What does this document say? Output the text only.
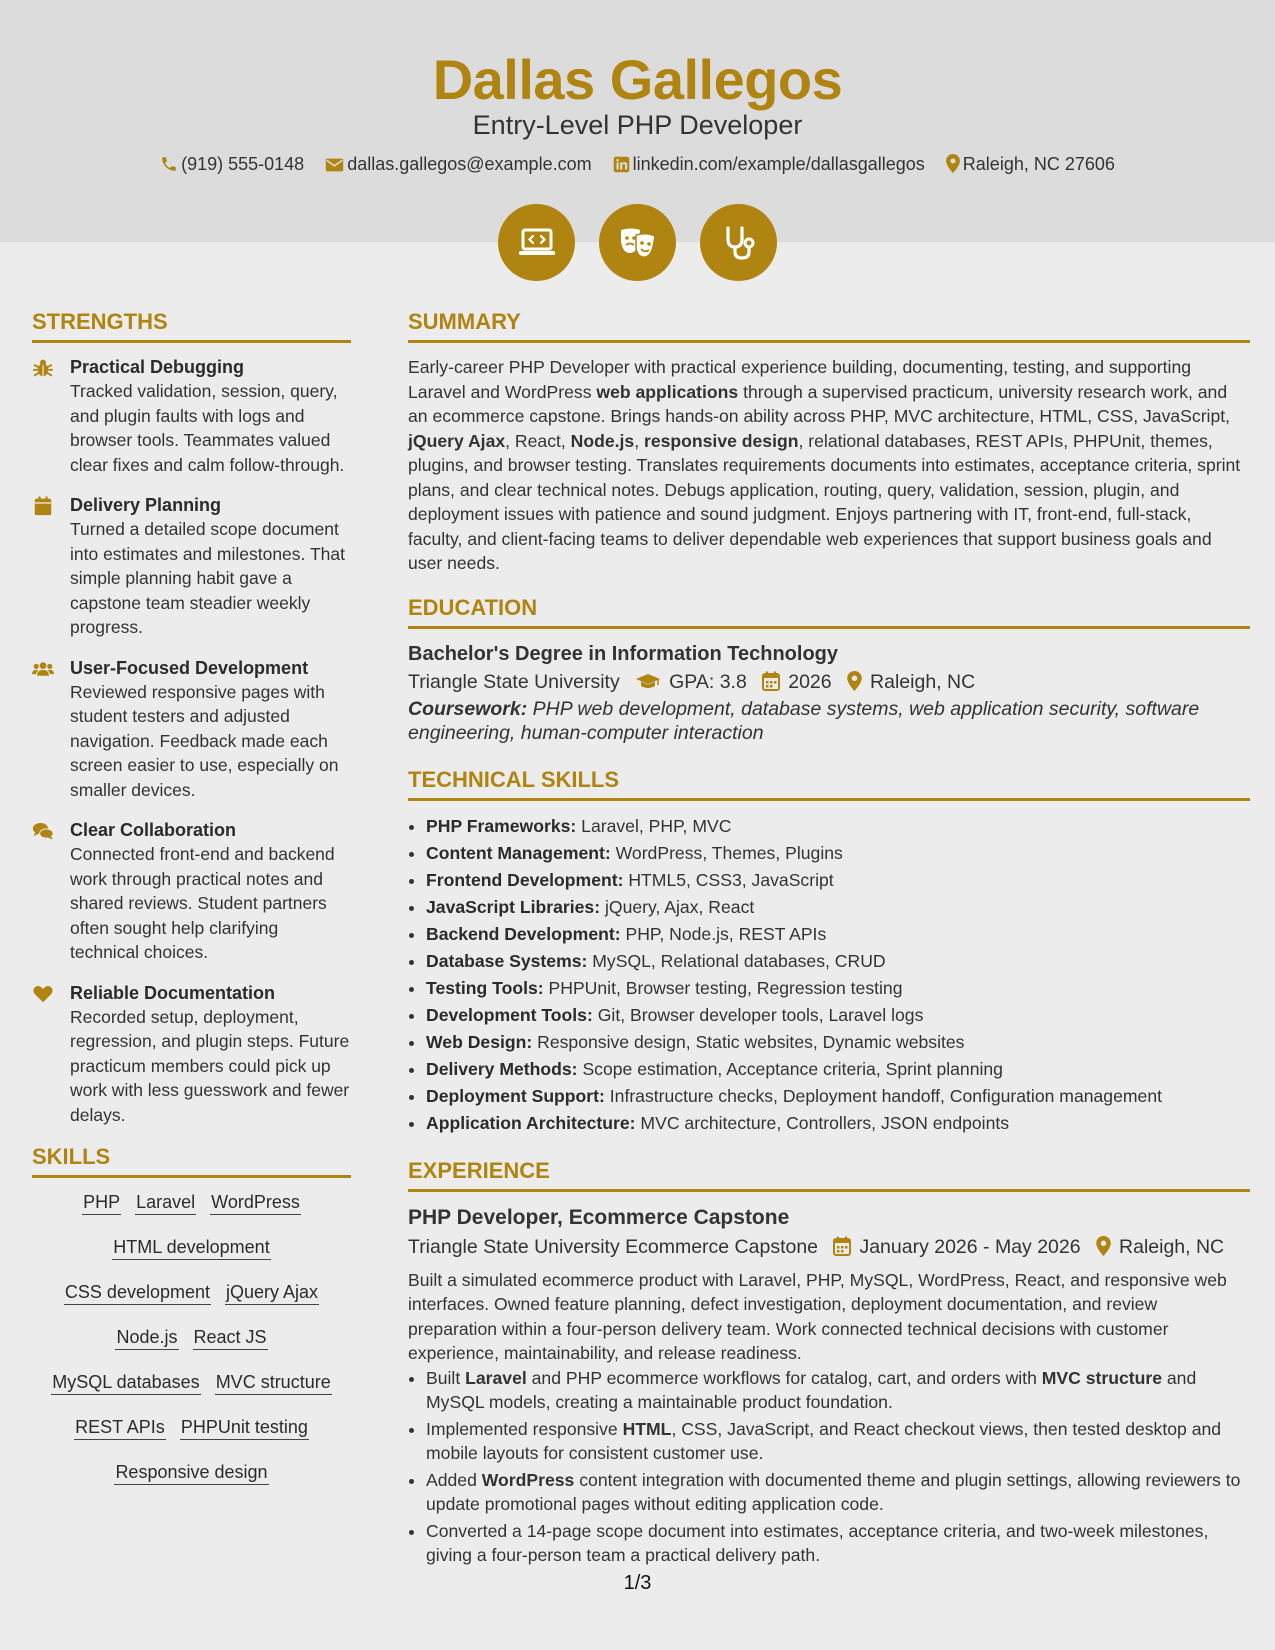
Dallas Gallegos
Entry-Level PHP Developer
(919) 555-0148 dallas.gallegos@example.com linkedin.com/example/dallasgallegos Raleigh, NC 27606

STRENGTHS
Practical Debugging
Tracked validation, session, query, and plugin faults with logs and browser tools. Teammates valued clear fixes and calm follow-through.
Delivery Planning
Turned a detailed scope document into estimates and milestones. That simple planning habit gave a capstone team steadier weekly progress.
User-Focused Development
Reviewed responsive pages with student testers and adjusted navigation. Feedback made each screen easier to use, especially on smaller devices.
Clear Collaboration
Connected front-end and backend work through practical notes and shared reviews. Student partners often sought help clarifying technical choices.
Reliable Documentation
Recorded setup, deployment, regression, and plugin steps. Future practicum members could pick up work with less guesswork and fewer delays.
SKILLS
PHP Laravel WordPress
HTML development
CSS development jQuery Ajax
Node.js React JS
MySQL databases MVC structure
REST APIs PHPUnit testing
Responsive design
SUMMARY

Early-career PHP Developer with practical experience building, documenting, testing, and supporting Laravel and WordPress web applications through a supervised practicum, university research work, and an ecommerce capstone. Brings hands-on ability across PHP, MVC architecture, HTML, CSS, JavaScript, jQuery Ajax, React, Node.js, responsive design, relational databases, REST APIs, PHPUnit, themes, plugins, and browser testing. Translates requirements documents into estimates, acceptance criteria, sprint plans, and clear technical notes. Debugs application, routing, query, validation, session, plugin, and deployment issues with patience and sound judgment. Enjoys partnering with IT, front-end, full-stack, faculty, and client-facing teams to deliver dependable web experiences that support business goals and user needs.

EDUCATION
Bachelor's Degree in Information Technology
Triangle State University	GPA: 3.8 2026 Raleigh, NC
Coursework: PHP web development, database systems, web application security, software engineering, human-computer interaction
TECHNICAL SKILLS
• PHP Frameworks: Laravel, PHP, MVC
• Content Management: WordPress, Themes, Plugins
• Frontend Development: HTML5, CSS3, JavaScript
• JavaScript Libraries: jQuery, Ajax, React
• Backend Development: PHP, Node.js, REST APIs
• Database Systems: MySQL, Relational databases, CRUD
• Testing Tools: PHPUnit, Browser testing, Regression testing
• Development Tools: Git, Browser developer tools, Laravel logs
• Web Design: Responsive design, Static websites, Dynamic websites
• Delivery Methods: Scope estimation, Acceptance criteria, Sprint planning
• Deployment Support: Infrastructure checks, Deployment handoff, Configuration management
• Application Architecture: MVC architecture, Controllers, JSON endpoints
EXPERIENCE
PHP Developer, Ecommerce Capstone
Triangle State University Ecommerce Capstone January 2026 - May 2026 Raleigh, NC

Built a simulated ecommerce product with Laravel, PHP, MySQL, WordPress, React, and responsive web interfaces. Owned feature planning, defect investigation, deployment documentation, and review preparation within a four-person delivery team. Work connected technical decisions with customer experience, maintainability, and release readiness.

• Built Laravel and PHP ecommerce workflows for catalog, cart, and orders with MVC structure and MySQL models, creating a maintainable product foundation.
• Implemented responsive HTML, CSS, JavaScript, and React checkout views, then tested desktop and mobile layouts for consistent customer use.
• Added WordPress content integration with documented theme and plugin settings, allowing reviewers to update promotional pages without editing application code.
• Converted a 14-page scope document into estimates, acceptance criteria, and two-week milestones, giving a four-person team a practical delivery path.
1/3
